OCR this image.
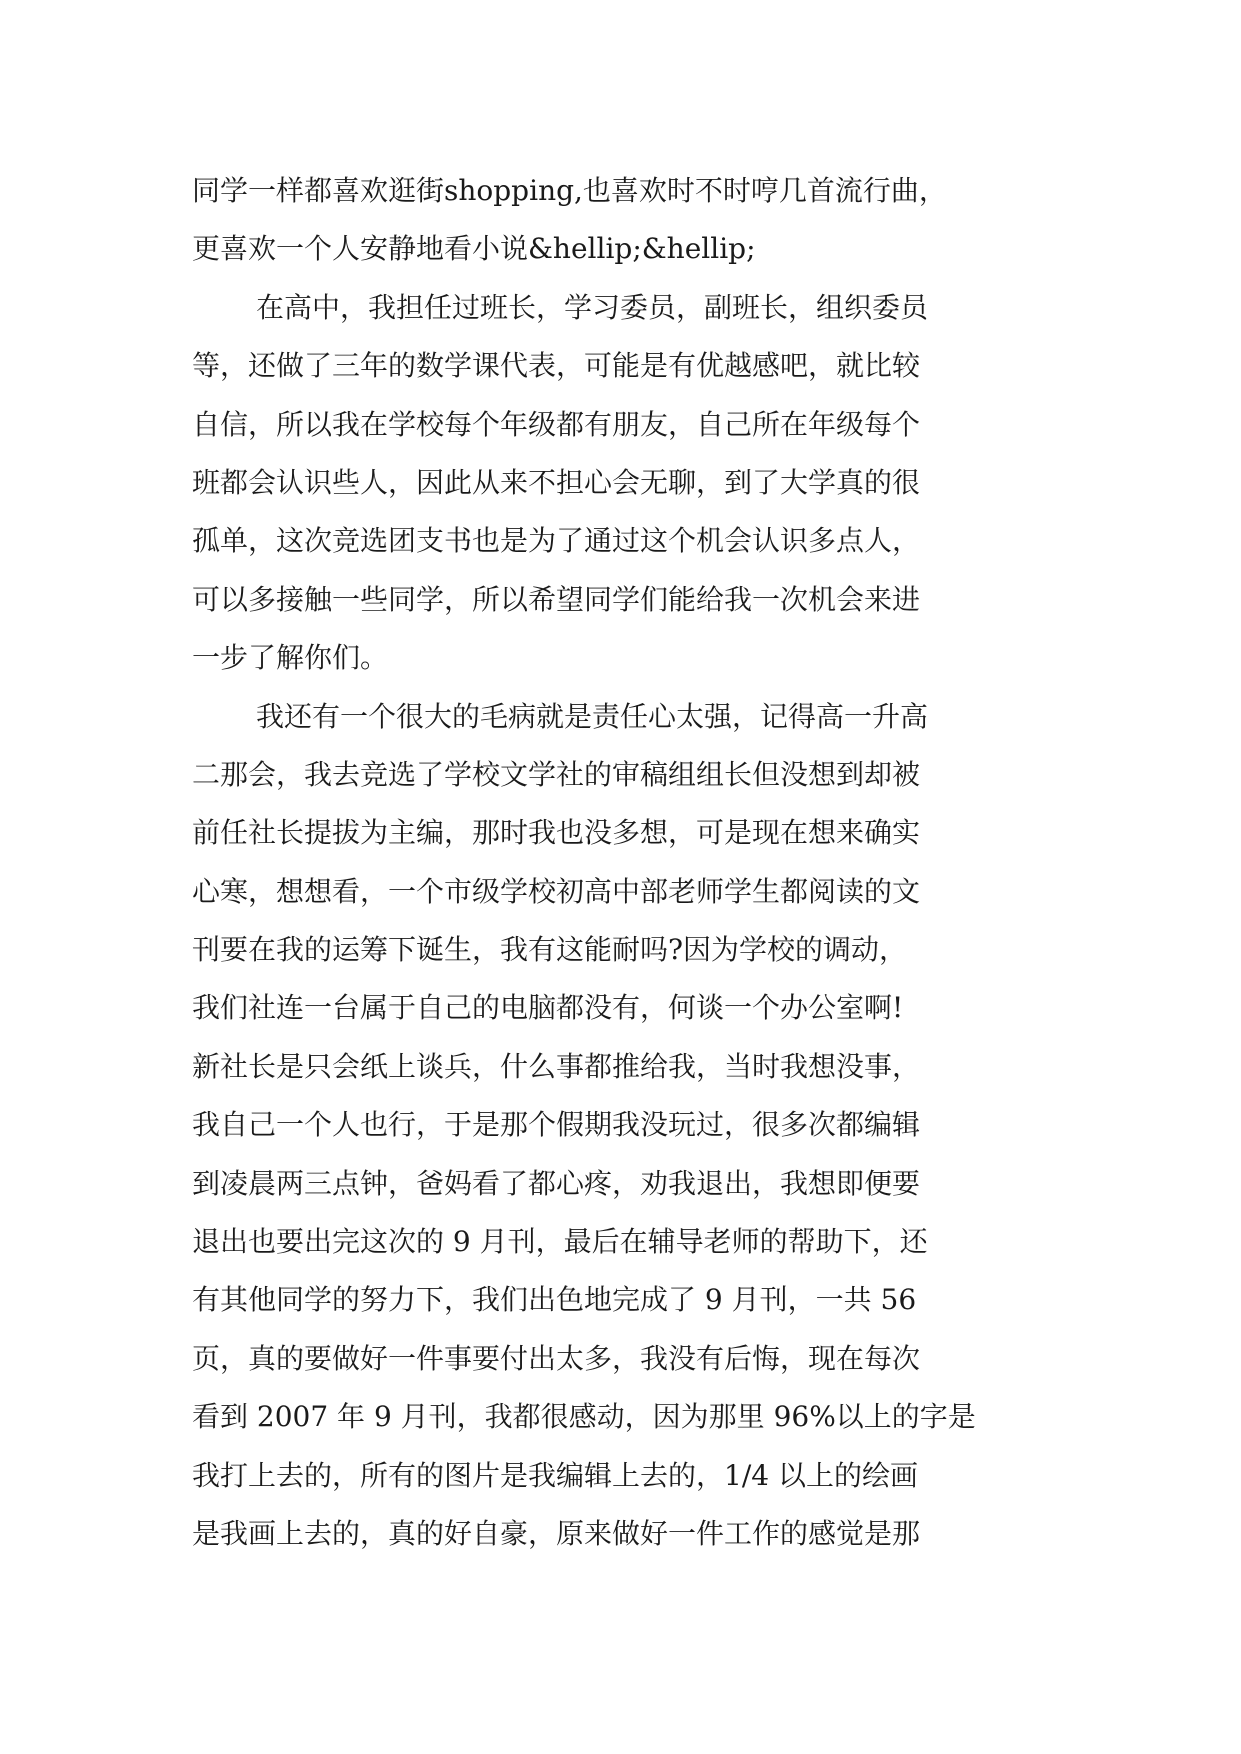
同学一样都喜欢逛街shopping,也喜欢时不时哼几首流行曲，
更喜欢一个人安静地看小说&hellip;&hellip;
在高中，我担任过班长，学习委员，副班长，组织委员
等，还做了三年的数学课代表，可能是有优越感吧，就比较
自信，所以我在学校每个年级都有朋友，自己所在年级每个
班都会认识些人，因此从来不担心会无聊，到了大学真的很
孤单，这次竞选团支书也是为了通过这个机会认识多点人，
可以多接触一些同学，所以希望同学们能给我一次机会来进
一步了解你们。
我还有一个很大的毛病就是责任心太强，记得高一升高
二那会，我去竞选了学校文学社的审稿组组长但没想到却被
前任社长提拔为主编，那时我也没多想，可是现在想来确实
心寒，想想看，一个市级学校初高中部老师学生都阅读的文
刊要在我的运筹下诞生，我有这能耐吗?因为学校的调动，
我们社连一台属于自己的电脑都没有，何谈一个办公室啊!
新社长是只会纸上谈兵，什么事都推给我，当时我想没事，
我自己一个人也行，于是那个假期我没玩过，很多次都编辑
到凌晨两三点钟，爸妈看了都心疼，劝我退出，我想即便要
退出也要出完这次的 9 月刊，最后在辅导老师的帮助下，还
有其他同学的努力下，我们出色地完成了 9 月刊，一共 56
页，真的要做好一件事要付出太多，我没有后悔，现在每次
看到 2007 年 9 月刊，我都很感动，因为那里 96%以上的字是
我打上去的，所有的图片是我编辑上去的，1/4 以上的绘画
是我画上去的，真的好自豪，原来做好一件工作的感觉是那
